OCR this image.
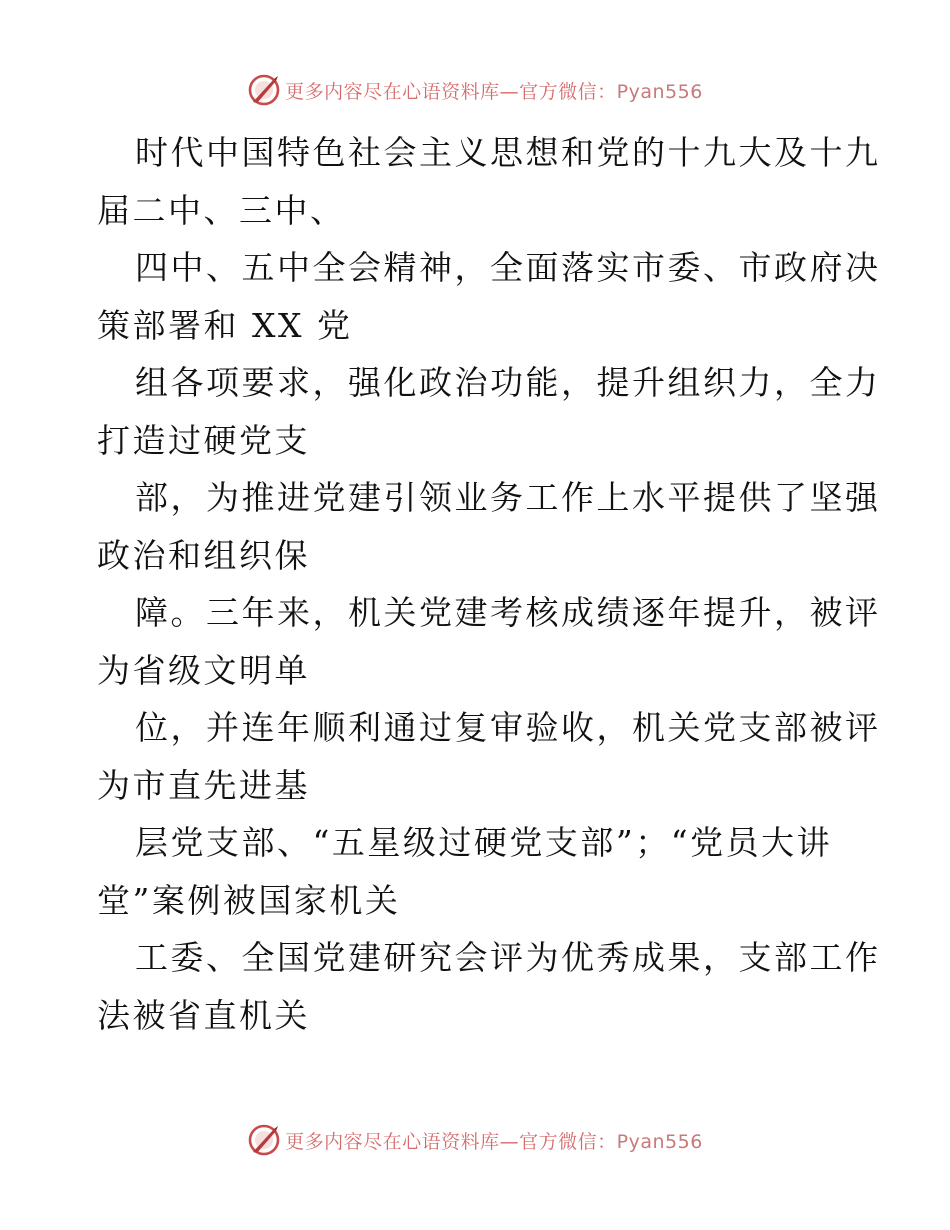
更多内容尽在心语资料库—官方微信：Pyan556
时代中国特色社会主义思想和党的十九大及十九
届二中、三中、
四中、五中全会精神，全面落实市委、市政府决
策部署和 XX 党
组各项要求，强化政治功能，提升组织力，全力
打造过硬党支
部，为推进党建引领业务工作上水平提供了坚强
政治和组织保
障。三年来，机关党建考核成绩逐年提升，被评
为省级文明单
位，并连年顺利通过复审验收，机关党支部被评
为市直先进基
层党支部、“五星级过硬党支部”；“党员大讲
堂”案例被国家机关
工委、全国党建研究会评为优秀成果，支部工作
法被省直机关
更多内容尽在心语资料库—官方微信：Pyan556
